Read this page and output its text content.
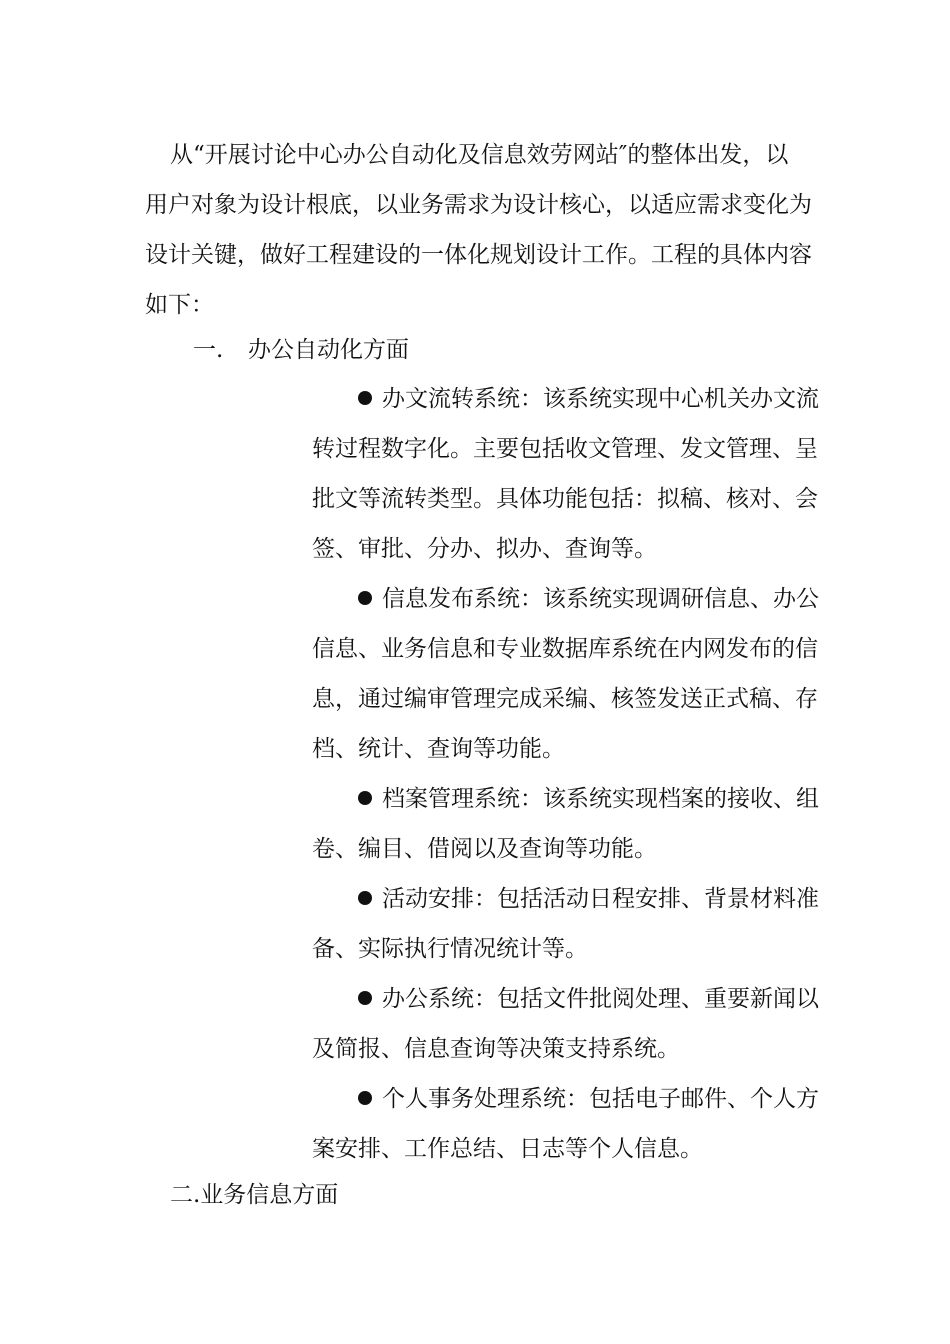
从“开展讨论中心办公自动化及信息效劳网站″的整体出发，以
用户对象为设计根底，以业务需求为设计核心，以适应需求变化为
设计关键，做好工程建设的一体化规划设计工作。工程的具体内容
如下：

一. 办公自动化方面

办文流转系统：该系统实现中心机关办文流
转过程数字化。主要包括收文管理、发文管理、呈
批文等流转类型。具体功能包括：拟稿、核对、会
签、审批、分办、拟办、查询等。
信息发布系统：该系统实现调研信息、办公
信息、业务信息和专业数据库系统在内网发布的信
息，通过编审管理完成采编、核签发送正式稿、存
档、统计、查询等功能。
档案管理系统：该系统实现档案的接收、组
卷、编目、借阅以及查询等功能。
活动安排：包括活动日程安排、背景材料准
备、实际执行情况统计等。
办公系统：包括文件批阅处理、重要新闻以
及简报、信息查询等决策支持系统。
个人事务处理系统：包括电子邮件、个人方
案安排、工作总结、日志等个人信息。

二.业务信息方面
